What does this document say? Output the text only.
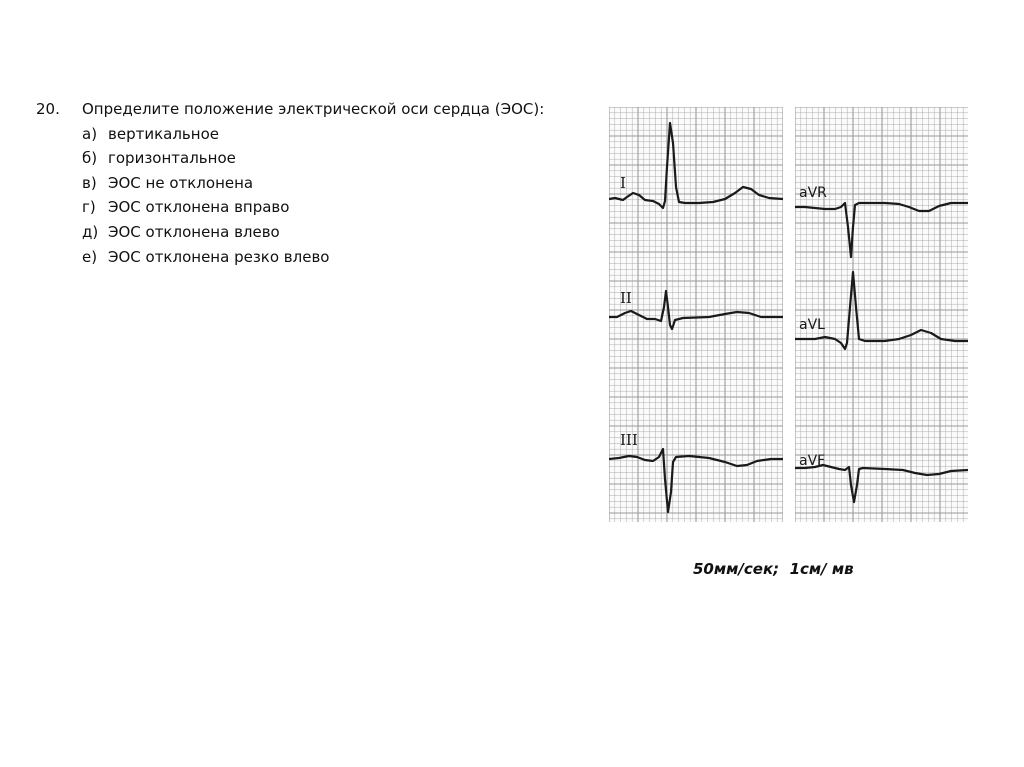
20.	Определите положение электрической оси сердца (ЭОС):
а) вертикальное
б) горизонтальное
в) ЭОС не отклонена
г) ЭОС отклонена вправо
д) ЭОС отклонена влево
е) ЭОС отклонена резко влево
I
II
III
aVR
aVL
aVF
50мм/сек;  1см/ мв
